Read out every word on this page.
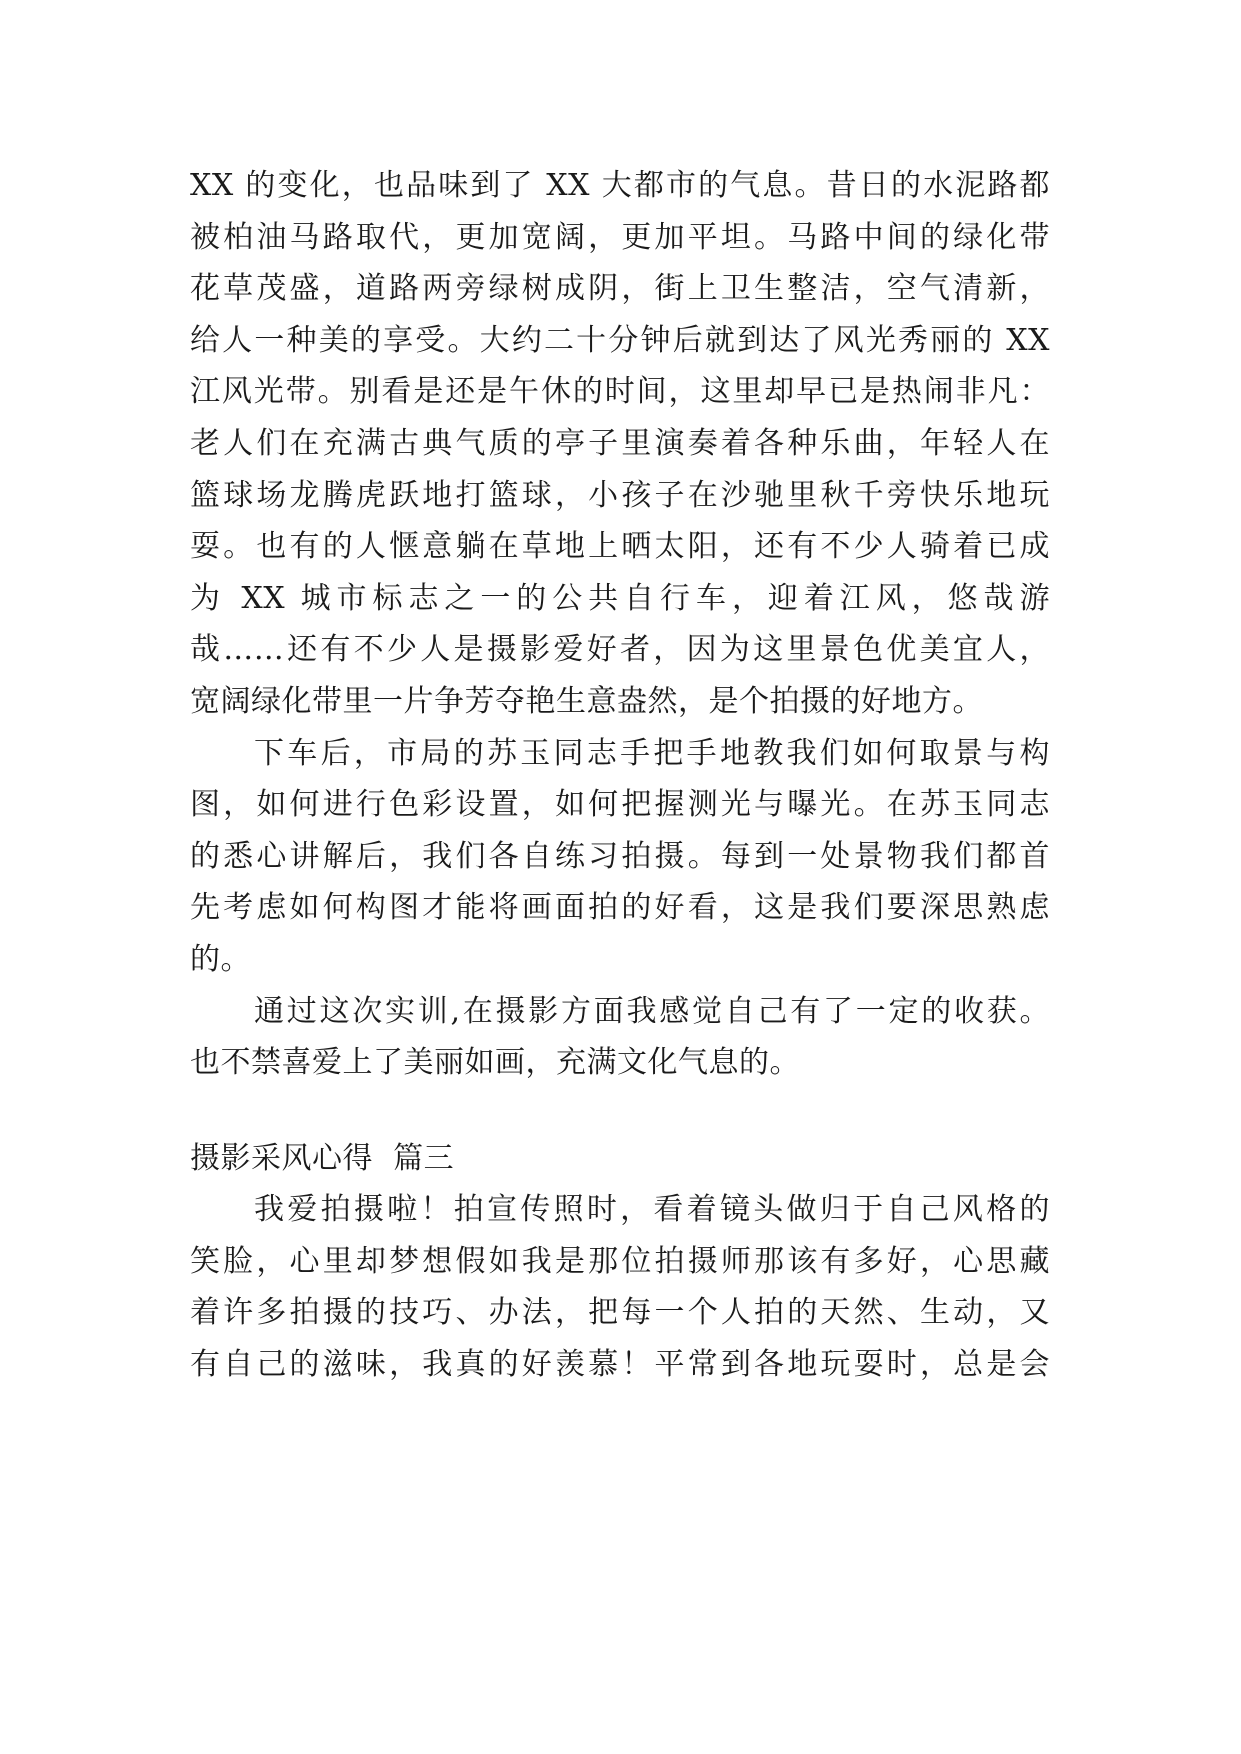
XX 的变化，也品味到了 XX 大都市的气息。昔日的水泥路都
被柏油马路取代，更加宽阔，更加平坦。马路中间的绿化带
花草茂盛，道路两旁绿树成阴，街上卫生整洁，空气清新，
给人一种美的享受。大约二十分钟后就到达了风光秀丽的 XX
江风光带。别看是还是午休的时间，这里却早已是热闹非凡：
老人们在充满古典气质的亭子里演奏着各种乐曲，年轻人在
篮球场龙腾虎跃地打篮球，小孩子在沙驰里秋千旁快乐地玩
耍。也有的人惬意躺在草地上晒太阳，还有不少人骑着已成
为 XX 城市标志之一的公共自行车，迎着江风，悠哉游
哉……还有不少人是摄影爱好者，因为这里景色优美宜人，
宽阔绿化带里一片争芳夺艳生意盎然，是个拍摄的好地方。
下车后，市局的苏玉同志手把手地教我们如何取景与构
图，如何进行色彩设置，如何把握测光与曝光。在苏玉同志
的悉心讲解后，我们各自练习拍摄。每到一处景物我们都首
先考虑如何构图才能将画面拍的好看，这是我们要深思熟虑
的。
通过这次实训,在摄影方面我感觉自己有了一定的收获。
也不禁喜爱上了美丽如画，充满文化气息的。
摄影采风心得  篇三
我爱拍摄啦！拍宣传照时，看着镜头做归于自己风格的
笑脸，心里却梦想假如我是那位拍摄师那该有多好，心思藏
着许多拍摄的技巧、办法，把每一个人拍的天然、生动，又
有自己的滋味，我真的好羡慕！平常到各地玩耍时，总是会
